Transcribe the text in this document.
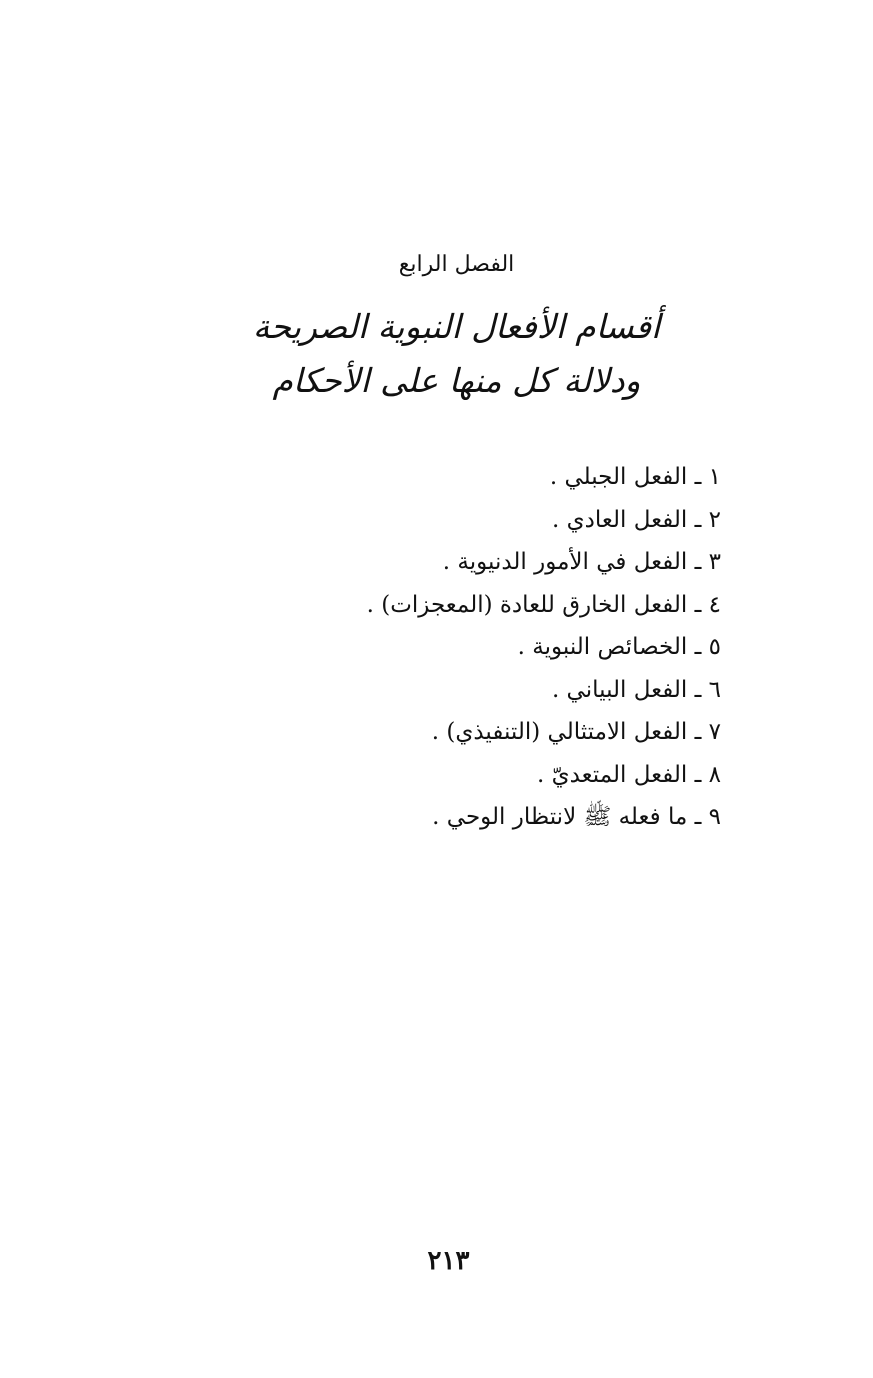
الفصل الرابع
أقسام الأفعال النبوية الصريحة
ودلالة كل منها على الأحكام
١ ـ الفعل الجبلي .
٢ ـ الفعل العادي .
٣ ـ الفعل في الأمور الدنيوية .
٤ ـ الفعل الخارق للعادة (المعجزات) .
٥ ـ الخصائص النبوية .
٦ ـ الفعل البياني .
٧ ـ الفعل الامتثالي (التنفيذي) .
٨ ـ الفعل المتعديّ .
٩ ـ ما فعله ﷺ لانتظار الوحي .
٢١٣
